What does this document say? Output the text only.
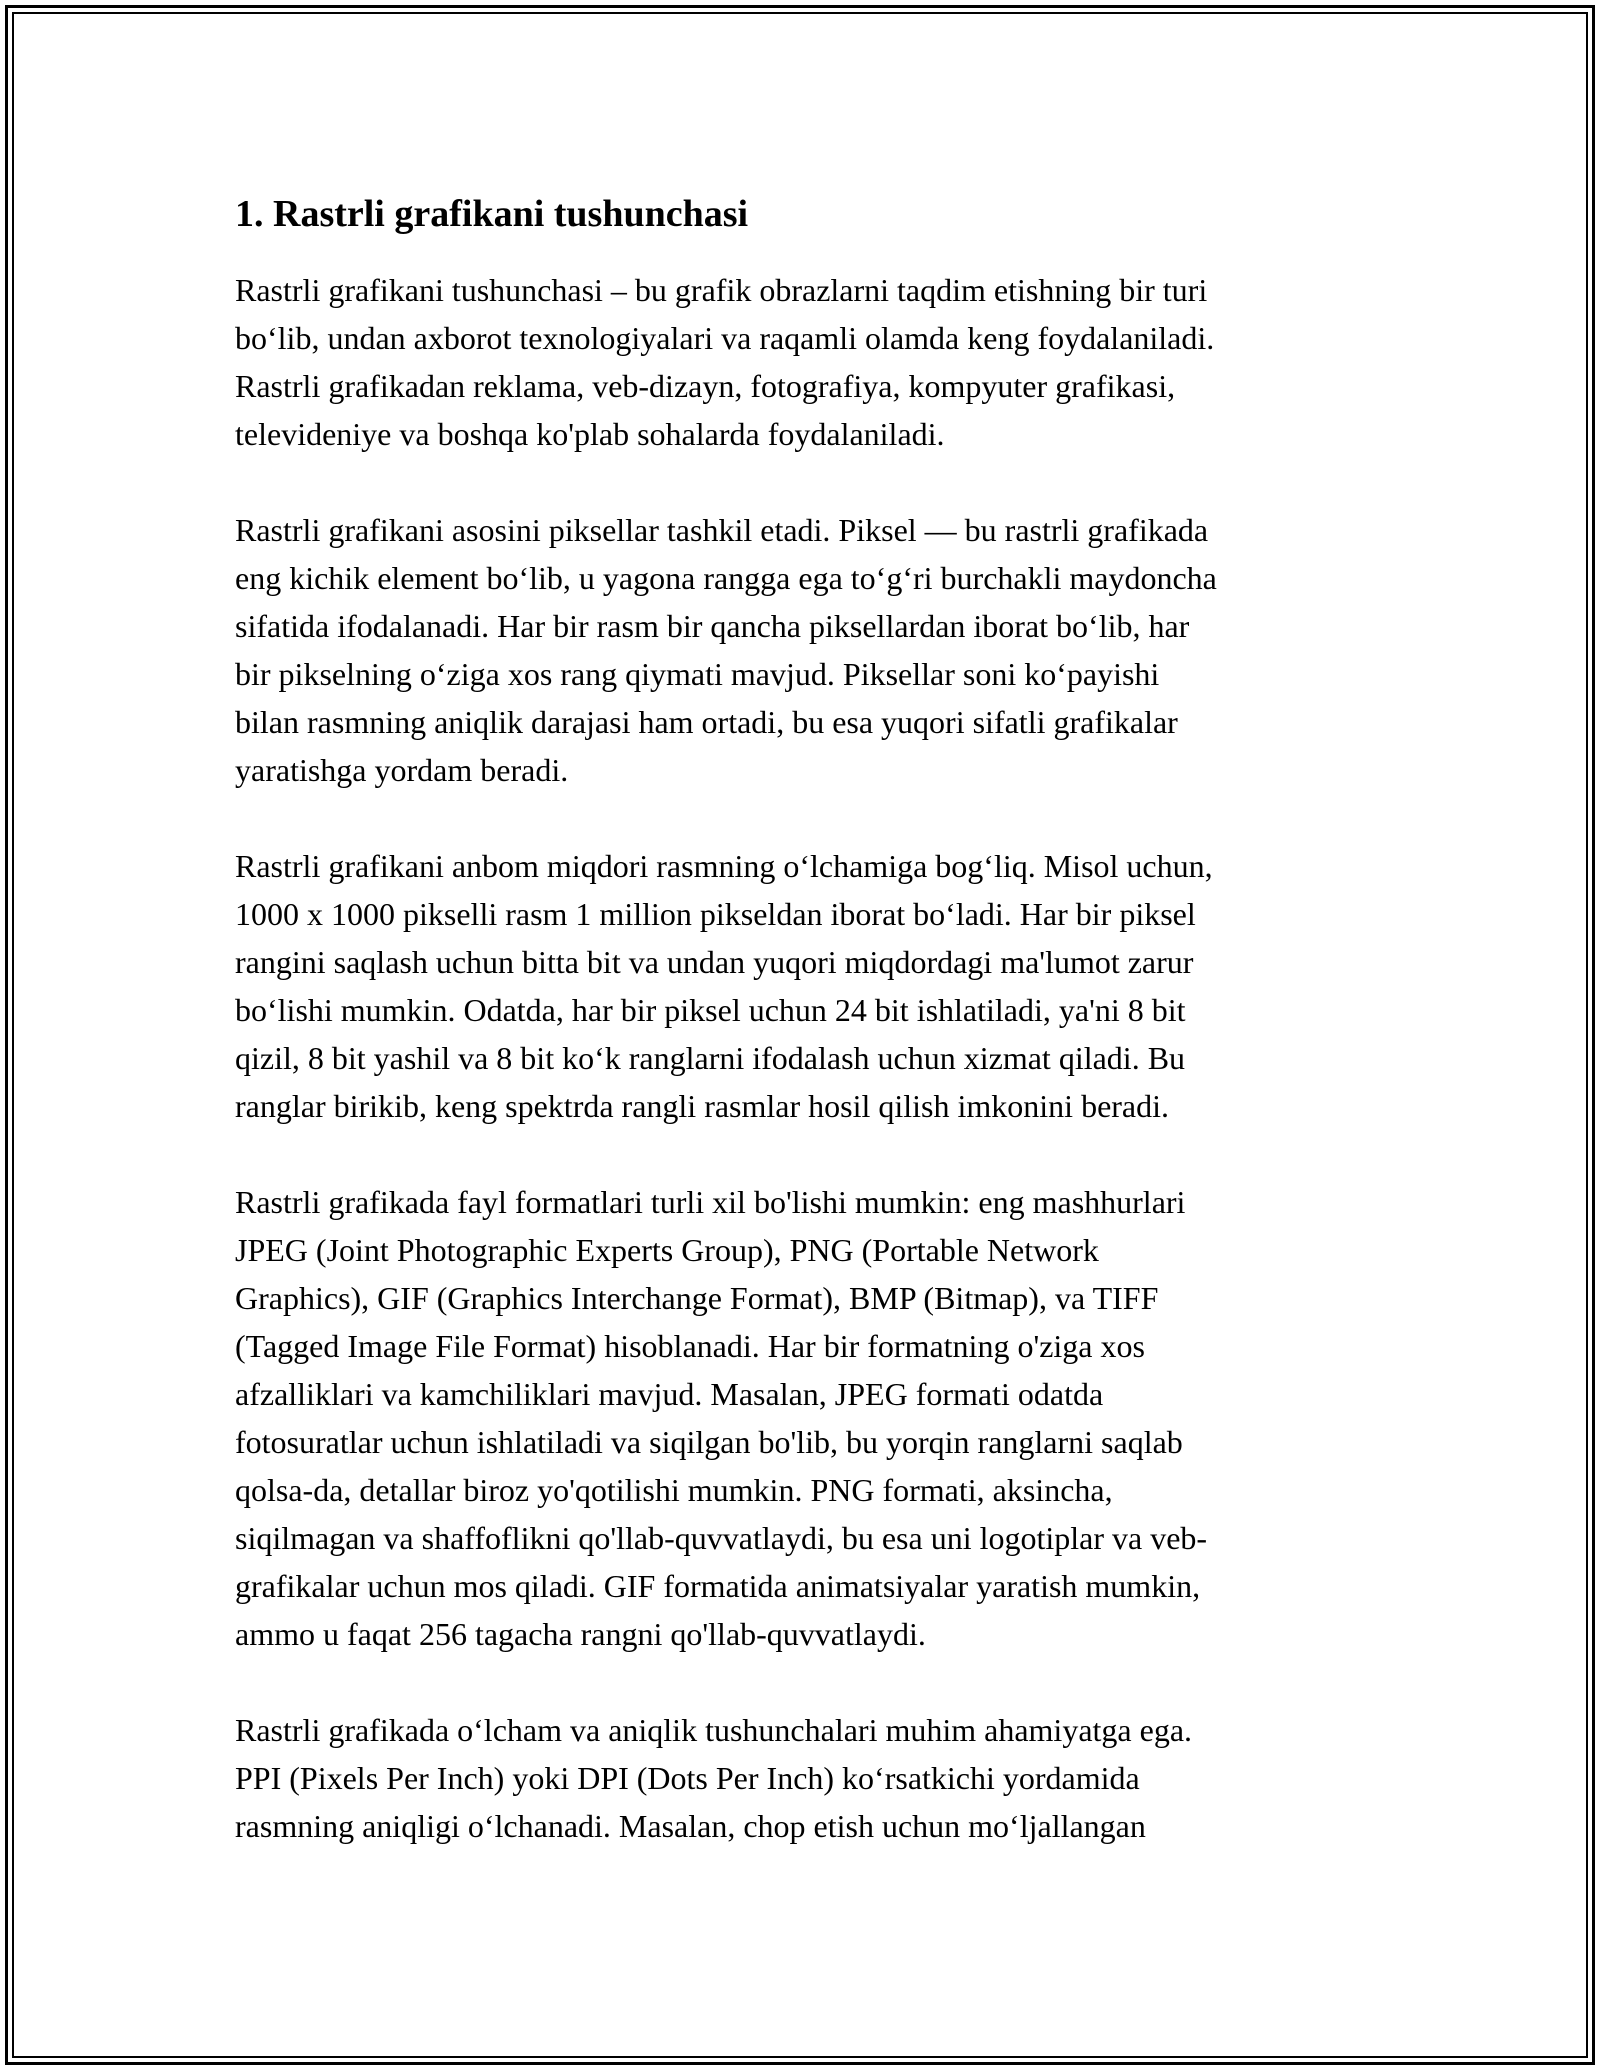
1. Rastrli grafikani tushunchasi

Rastrli grafikani tushunchasi – bu grafik obrazlarni taqdim etishning bir turi
bo‘lib, undan axborot texnologiyalari va raqamli olamda keng foydalaniladi.
Rastrli grafikadan reklama, veb-dizayn, fotografiya, kompyuter grafikasi,
televideniye va boshqa ko'plab sohalarda foydalaniladi.

Rastrli grafikani asosini piksellar tashkil etadi. Piksel — bu rastrli grafikada
eng kichik element bo‘lib, u yagona rangga ega to‘g‘ri burchakli maydoncha
sifatida ifodalanadi. Har bir rasm bir qancha piksellardan iborat bo‘lib, har
bir pikselning o‘ziga xos rang qiymati mavjud. Piksellar soni ko‘payishi
bilan rasmning aniqlik darajasi ham ortadi, bu esa yuqori sifatli grafikalar
yaratishga yordam beradi.

Rastrli grafikani anbom miqdori rasmning o‘lchamiga bog‘liq. Misol uchun,
1000 x 1000 pikselli rasm 1 million pikseldan iborat bo‘ladi. Har bir piksel
rangini saqlash uchun bitta bit va undan yuqori miqdordagi ma'lumot zarur
bo‘lishi mumkin. Odatda, har bir piksel uchun 24 bit ishlatiladi, ya'ni 8 bit
qizil, 8 bit yashil va 8 bit ko‘k ranglarni ifodalash uchun xizmat qiladi. Bu
ranglar birikib, keng spektrda rangli rasmlar hosil qilish imkonini beradi.

Rastrli grafikada fayl formatlari turli xil bo'lishi mumkin: eng mashhurlari
JPEG (Joint Photographic Experts Group), PNG (Portable Network
Graphics), GIF (Graphics Interchange Format), BMP (Bitmap), va TIFF
(Tagged Image File Format) hisoblanadi. Har bir formatning o'ziga xos
afzalliklari va kamchiliklari mavjud. Masalan, JPEG formati odatda
fotosuratlar uchun ishlatiladi va siqilgan bo'lib, bu yorqin ranglarni saqlab
qolsa-da, detallar biroz yo'qotilishi mumkin. PNG formati, aksincha,
siqilmagan va shaffoflikni qo'llab-quvvatlaydi, bu esa uni logotiplar va veb-
grafikalar uchun mos qiladi. GIF formatida animatsiyalar yaratish mumkin,
ammo u faqat 256 tagacha rangni qo'llab-quvvatlaydi.

Rastrli grafikada o‘lcham va aniqlik tushunchalari muhim ahamiyatga ega.
PPI (Pixels Per Inch) yoki DPI (Dots Per Inch) ko‘rsatkichi yordamida
rasmning aniqligi o‘lchanadi. Masalan, chop etish uchun mo‘ljallangan
